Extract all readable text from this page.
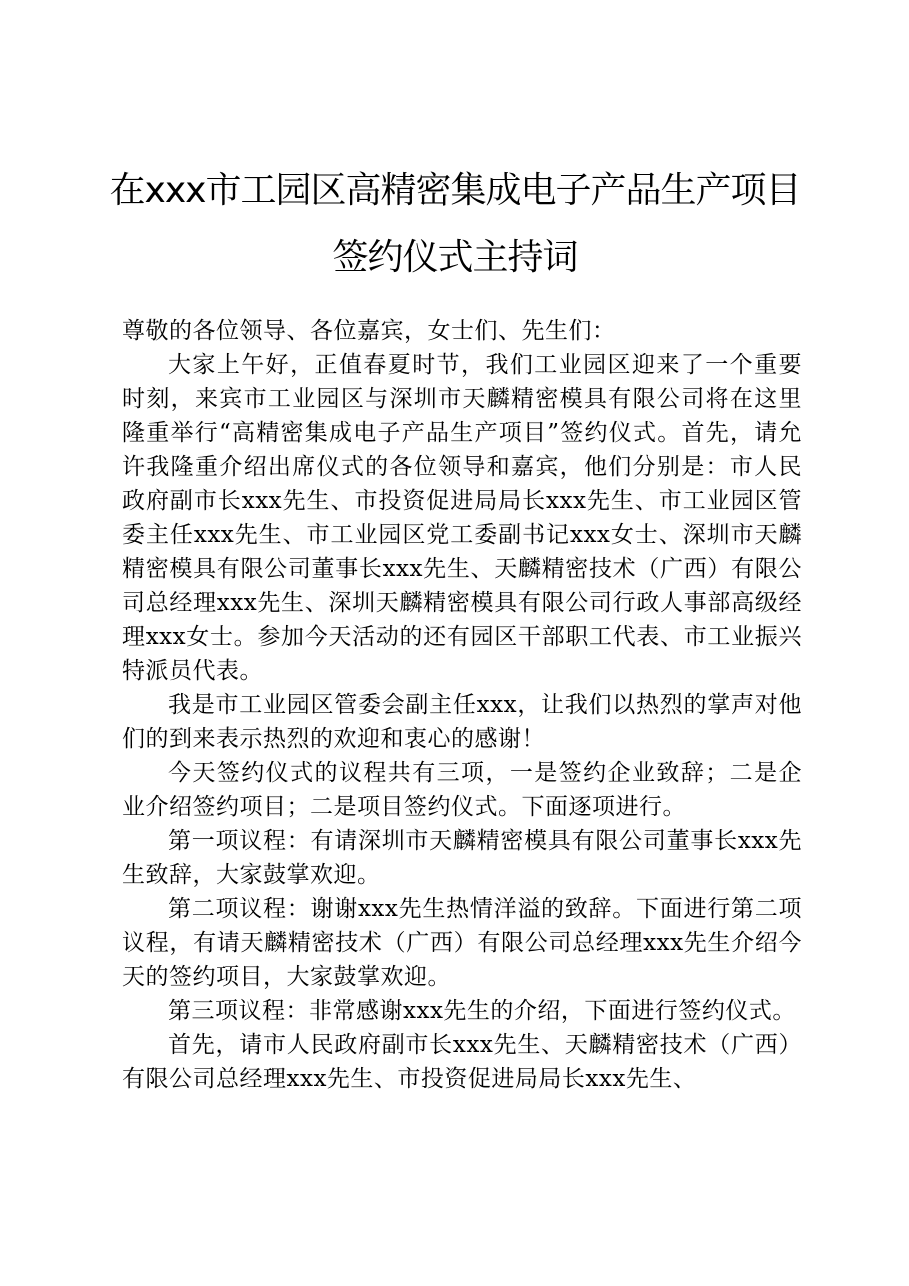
在xxx市工园区高精密集成电子产品生产项目
签约仪式主持词

尊敬的各位领导、各位嘉宾，女士们、先生们：

大家上午好，正值春夏时节，我们工业园区迎来了一个重要时刻，来宾市工业园区与深圳市天麟精密模具有限公司将在这里隆重举行“高精密集成电子产品生产项目”签约仪式。首先，请允许我隆重介绍出席仪式的各位领导和嘉宾，他们分别是：市人民政府副市长xxx先生、市投资促进局局长xxx先生、市工业园区管委主任xxx先生、市工业园区党工委副书记xxx女士、深圳市天麟精密模具有限公司董事长xxx先生、天麟精密技术（广西）有限公司总经理xxx先生、深圳天麟精密模具有限公司行政人事部高级经理xxx女士。参加今天活动的还有园区干部职工代表、市工业振兴特派员代表。

我是市工业园区管委会副主任xxx，让我们以热烈的掌声对他们的到来表示热烈的欢迎和衷心的感谢！

今天签约仪式的议程共有三项，一是签约企业致辞；二是企业介绍签约项目；二是项目签约仪式。下面逐项进行。

第一项议程：有请深圳市天麟精密模具有限公司董事长xxx先生致辞，大家鼓掌欢迎。

第二项议程：谢谢xxx先生热情洋溢的致辞。下面进行第二项议程，有请天麟精密技术（广西）有限公司总经理xxx先生介绍今天的签约项目，大家鼓掌欢迎。

第三项议程：非常感谢xxx先生的介绍，下面进行签约仪式。

首先，请市人民政府副市长xxx先生、天麟精密技术（广西）有限公司总经理xxx先生、市投资促进局局长xxx先生、
